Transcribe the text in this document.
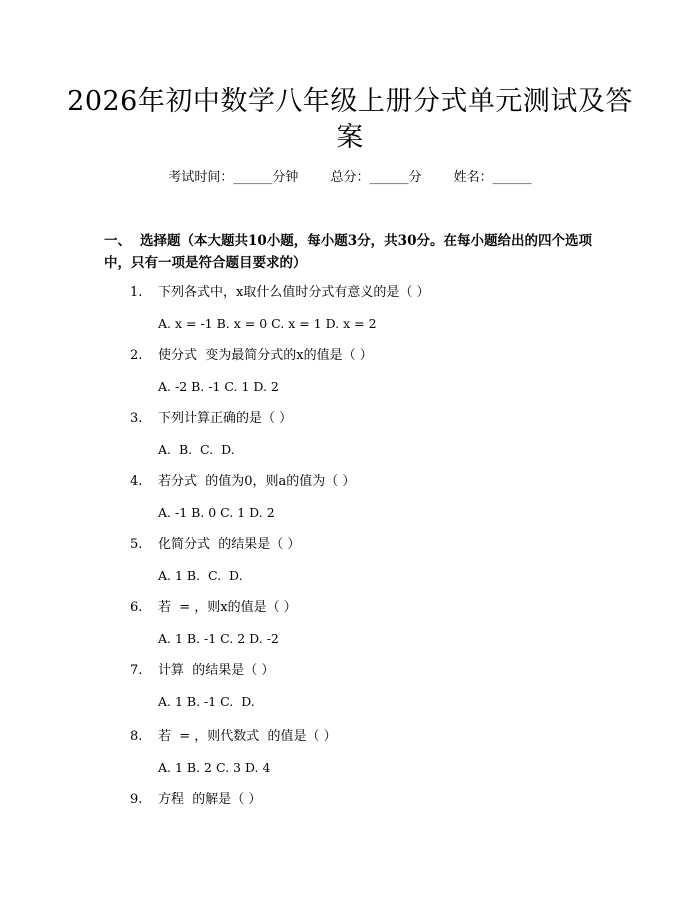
2026年初中数学八年级上册分式单元测试及答案
考试时间：______分钟 总分：______分 姓名：______
一、 选择题（本大题共10小题，每小题3分，共30分。在每小题给出的四个选项中，只有一项是符合题目要求的）
1. 下列各式中，x取什么值时分式有意义的是（ ）
A. x = -1 B. x = 0 C. x = 1 D. x = 2
2. 使分式  变为最简分式的x的值是（ ）
A. -2 B. -1 C. 1 D. 2
3. 下列计算正确的是（ ）
A.  B.  C.  D.
4. 若分式  的值为0，则a的值为（ ）
A. -1 B. 0 C. 1 D. 2
5. 化简分式  的结果是（ ）
A. 1 B.  C.  D.
6. 若  = ，则x的值是（ ）
A. 1 B. -1 C. 2 D. -2
7. 计算  的结果是（ ）
A. 1 B. -1 C.  D.
8. 若  = ，则代数式  的值是（ ）
A. 1 B. 2 C. 3 D. 4
9. 方程  的解是（ ）
